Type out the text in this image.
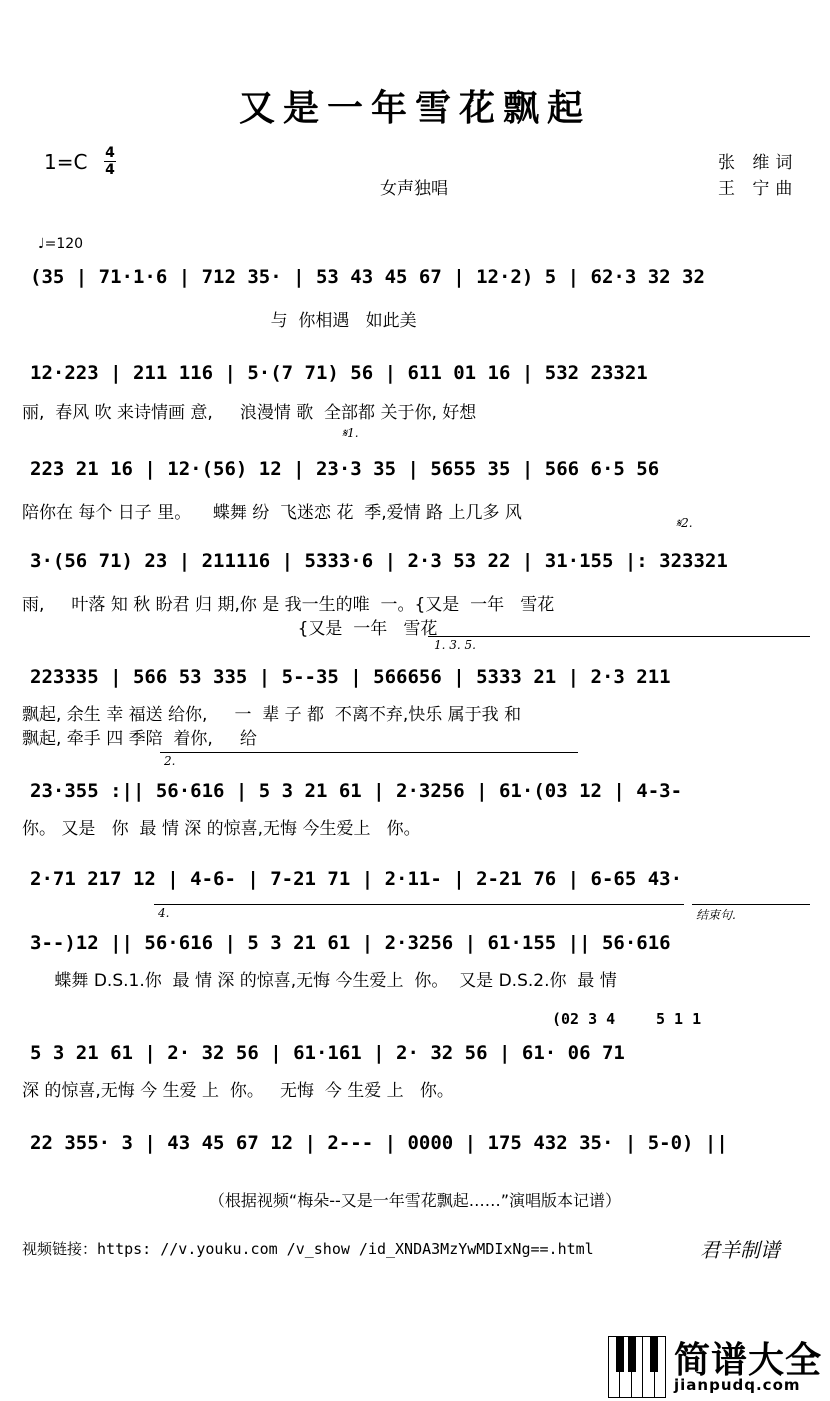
又是一年雪花飘起
1=C 4
4
女声独唱
张 维词
王 宁曲
♩=120
(35 | 71·1·6 | 712 35· | 53 43 45 67 | 12·2) 5 | 62·3 32 32
与  你相遇   如此美
12·223 | 211 116 | 5·(7 71) 56 | 611 01 16 | 532 23321
丽,  春风 吹 来诗情画 意,     浪漫情 歌  全部都 关于你, 好想
𝄋1.
223 21 16 | 12·(56) 12 | 23·3 35 | 5655 35 | 566 6·5 56
陪你在 每个 日子 里。    蝶舞 纷  飞迷恋 花  季,爱情 路 上几多 风	𝄋2.
3·(56 71) 23 | 211116 | 5333·6 | 2·3 53 22 | 31·155 |: 323321
雨,     叶落 知 秋 盼君 归 期,你 是 我一生的唯  一。{又是  一年   雪花
{又是  一年   雪花
1. 3. 5.
223335 | 566 53 335 | 5--35 | 566656 | 5333 21 | 2·3 211
飘起, 余生 幸 福送 给你,     一  辈 子 都  不离不弃,快乐 属于我 和
飘起, 牵手 四 季陪  着你,     给
2.
23·355 :|| 56·616 | 5 3 21 61 | 2·3256 | 61·(03 12 | 4-3-
你。 又是   你  最 情 深 的惊喜,无悔 今生爱上   你。
2·71 217 12 | 4-6- | 7-21 71 | 2·11- | 2-21 76 | 6-65 43·
4.	结束句.
3--)12 || 56·616 | 5 3 21 61 | 2·3256 | 61·155 || 56·616
蝶舞 D.S.1.你  最 情 深 的惊喜,无悔 今生爱上  你。  又是 D.S.2.你  最 情
(02 3 4	5 1 1
5 3 21 61 | 2· 32 56 | 61·161 | 2· 32 56 | 61· 06 71
深 的惊喜,无悔 今 生爱 上  你。   无悔  今 生爱 上   你。
22 355· 3 | 43 45 67 12 | 2--- | 0000 | 175 432 35· | 5-0) ||
（根据视频“梅朵--又是一年雪花飘起……”演唱版本记谱）
视频链接：https: //v.youku.com /v_show /id_XNDA3MzYwMDIxNg==.html	君羊制谱
简谱大全
jianpudq.com
